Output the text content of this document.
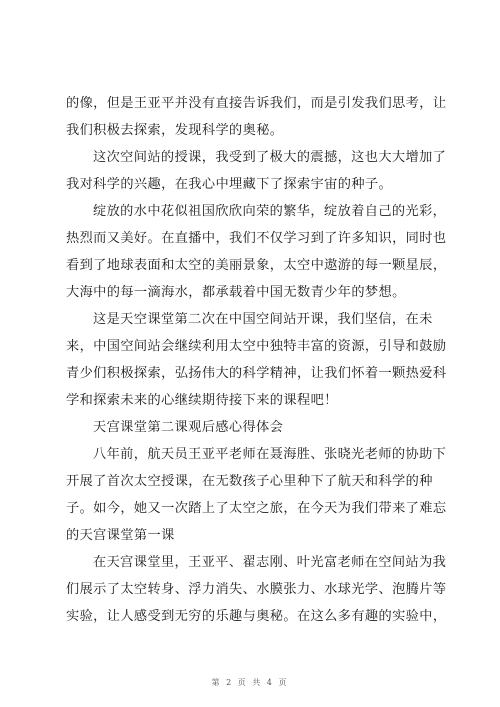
的像，但是王亚平并没有直接告诉我们，而是引发我们思考，让
我们积极去探索，发现科学的奥秘。
这次空间站的授课，我受到了极大的震撼，这也大大增加了
我对科学的兴趣，在我心中埋藏下了探索宇宙的种子。
绽放的水中花似祖国欣欣向荣的繁华，绽放着自己的光彩，
热烈而又美好。在直播中，我们不仅学习到了许多知识，同时也
看到了地球表面和太空的美丽景象，太空中遨游的每一颗星辰，
大海中的每一滴海水，都承载着中国无数青少年的梦想。
这是天空课堂第二次在中国空间站开课，我们坚信，在未
来，中国空间站会继续利用太空中独特丰富的资源，引导和鼓励
青少们积极探索，弘扬伟大的科学精神，让我们怀着一颗热爱科
学和探索未来的心继续期待接下来的课程吧！
天宫课堂第二课观后感心得体会
八年前，航天员王亚平老师在聂海胜、张晓光老师的协助下
开展了首次太空授课，在无数孩子心里种下了航天和科学的种
子。如今，她又一次踏上了太空之旅，在今天为我们带来了难忘
的天宫课堂第一课
在天宫课堂里，王亚平、翟志刚、叶光富老师在空间站为我
们展示了太空转身、浮力消失、水膜张力、水球光学、泡腾片等
实验，让人感受到无穷的乐趣与奥秘。在这么多有趣的实验中，
第 2 页 共 4 页
